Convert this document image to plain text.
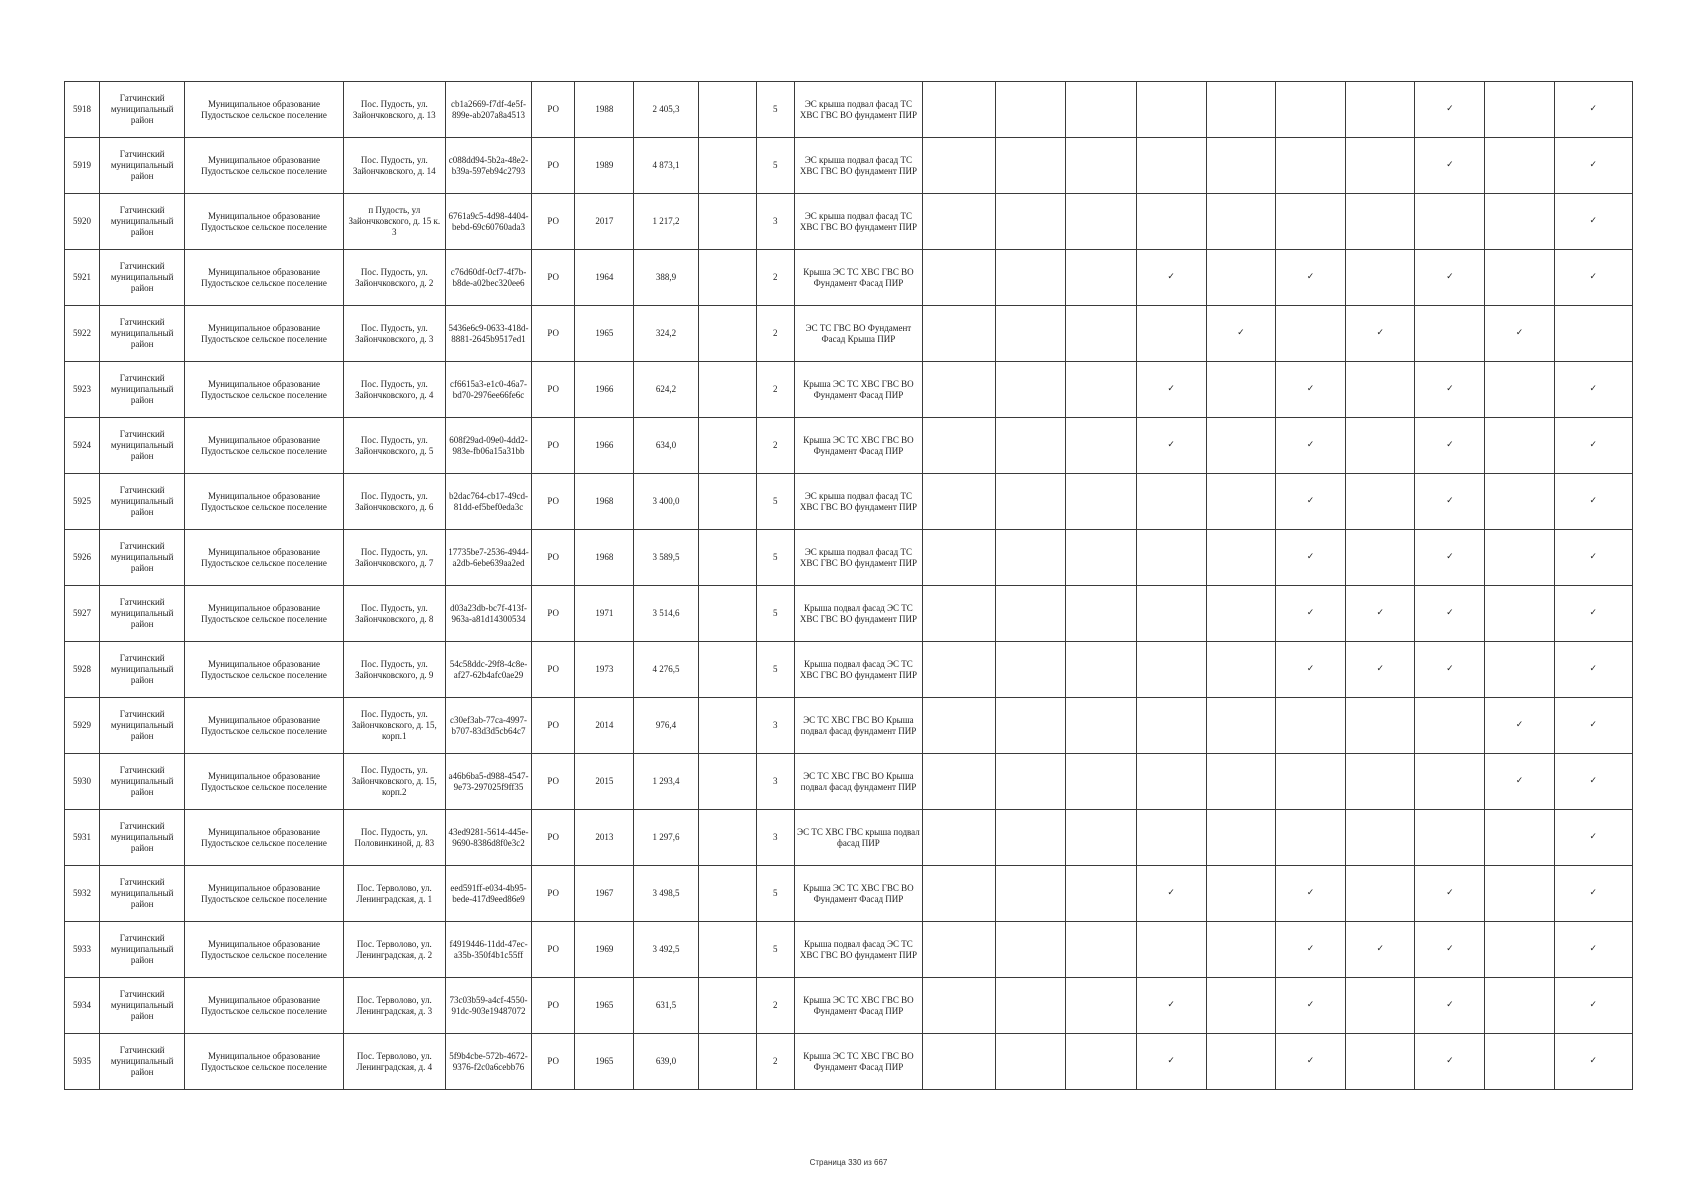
5918	Гатчинский муниципальный район	Муниципальное образование Пудостьское сельское поселение	Пос. Пудость, ул. Зайончковского, д. 13	cb1a2669-f7df-4e5f-899e-ab207a8a4513	РО	1988	2 405,3		5	ЭС крыша подвал фасад ТС ХВС ГВС ВО фундамент ПИР								✓		✓
5919	Гатчинский муниципальный район	Муниципальное образование Пудостьское сельское поселение	Пос. Пудость, ул. Зайончковского, д. 14	c088dd94-5b2a-48e2-b39a-597eb94c2793	РО	1989	4 873,1		5	ЭС крыша подвал фасад ТС ХВС ГВС ВО фундамент ПИР								✓		✓
5920	Гатчинский муниципальный район	Муниципальное образование Пудостьское сельское поселение	п Пудость, ул Зайончковского, д. 15 к. 3	6761a9c5-4d98-4404-bebd-69c60760ada3	РО	2017	1 217,2		3	ЭС крыша подвал фасад ТС ХВС ГВС ВО фундамент ПИР										✓
5921	Гатчинский муниципальный район	Муниципальное образование Пудостьское сельское поселение	Пос. Пудость, ул. Зайончковского, д. 2	c76d60df-0cf7-4f7b-b8de-a02bec320ee6	РО	1964	388,9		2	Крыша ЭС ТС ХВС ГВС ВО Фундамент Фасад ПИР				✓		✓		✓		✓
5922	Гатчинский муниципальный район	Муниципальное образование Пудостьское сельское поселение	Пос. Пудость, ул. Зайончковского, д. 3	5436e6c9-0633-418d-8881-2645b9517ed1	РО	1965	324,2		2	ЭС ТС ГВС ВО Фундамент Фасад Крыша ПИР					✓		✓		✓	
5923	Гатчинский муниципальный район	Муниципальное образование Пудостьское сельское поселение	Пос. Пудость, ул. Зайончковского, д. 4	cf6615a3-e1c0-46a7-bd70-2976ee66fe6c	РО	1966	624,2		2	Крыша ЭС ТС ХВС ГВС ВО Фундамент Фасад ПИР				✓		✓		✓		✓
5924	Гатчинский муниципальный район	Муниципальное образование Пудостьское сельское поселение	Пос. Пудость, ул. Зайончковского, д. 5	608f29ad-09e0-4dd2-983e-fb06a15a31bb	РО	1966	634,0		2	Крыша ЭС ТС ХВС ГВС ВО Фундамент Фасад ПИР				✓		✓		✓		✓
5925	Гатчинский муниципальный район	Муниципальное образование Пудостьское сельское поселение	Пос. Пудость, ул. Зайончковского, д. 6	b2dac764-cb17-49cd-81dd-ef5bef0eda3c	РО	1968	3 400,0		5	ЭС крыша подвал фасад ТС ХВС ГВС ВО фундамент ПИР						✓		✓		✓
5926	Гатчинский муниципальный район	Муниципальное образование Пудостьское сельское поселение	Пос. Пудость, ул. Зайончковского, д. 7	17735be7-2536-4944-a2db-6ebe639aa2ed	РО	1968	3 589,5		5	ЭС крыша подвал фасад ТС ХВС ГВС ВО фундамент ПИР						✓		✓		✓
5927	Гатчинский муниципальный район	Муниципальное образование Пудостьское сельское поселение	Пос. Пудость, ул. Зайончковского, д. 8	d03a23db-bc7f-413f-963a-a81d14300534	РО	1971	3 514,6		5	Крыша подвал фасад ЭС ТС ХВС ГВС ВО фундамент ПИР						✓	✓	✓		✓
5928	Гатчинский муниципальный район	Муниципальное образование Пудостьское сельское поселение	Пос. Пудость, ул. Зайончковского, д. 9	54c58ddc-29f8-4c8e-af27-62b4afc0ae29	РО	1973	4 276,5		5	Крыша подвал фасад ЭС ТС ХВС ГВС ВО фундамент ПИР						✓	✓	✓		✓
5929	Гатчинский муниципальный район	Муниципальное образование Пудостьское сельское поселение	Пос. Пудость, ул. Зайончковского, д. 15, корп.1	c30ef3ab-77ca-4997-b707-83d3d5cb64c7	РО	2014	976,4		3	ЭС ТС ХВС ГВС ВО Крыша подвал фасад фундамент ПИР									✓	✓
5930	Гатчинский муниципальный район	Муниципальное образование Пудостьское сельское поселение	Пос. Пудость, ул. Зайончковского, д. 15, корп.2	a46b6ba5-d988-4547-9e73-297025f9ff35	РО	2015	1 293,4		3	ЭС ТС ХВС ГВС ВО Крыша подвал фасад фундамент ПИР									✓	✓
5931	Гатчинский муниципальный район	Муниципальное образование Пудостьское сельское поселение	Пос. Пудость, ул. Половинкиной, д. 83	43ed9281-5614-445e-9690-8386d8f0e3c2	РО	2013	1 297,6		3	ЭС ТС ХВС ГВС крыша подвал фасад ПИР										✓
5932	Гатчинский муниципальный район	Муниципальное образование Пудостьское сельское поселение	Пос. Терволово, ул. Ленинградская, д. 1	eed591ff-e034-4b95-bede-417d9eed86e9	РО	1967	3 498,5		5	Крыша ЭС ТС ХВС ГВС ВО Фундамент Фасад ПИР				✓		✓		✓		✓
5933	Гатчинский муниципальный район	Муниципальное образование Пудостьское сельское поселение	Пос. Терволово, ул. Ленинградская, д. 2	f4919446-11dd-47ec-a35b-350f4b1c55ff	РО	1969	3 492,5		5	Крыша подвал фасад ЭС ТС ХВС ГВС ВО фундамент ПИР						✓	✓	✓		✓
5934	Гатчинский муниципальный район	Муниципальное образование Пудостьское сельское поселение	Пос. Терволово, ул. Ленинградская, д. 3	73c03b59-a4cf-4550-91dc-903e19487072	РО	1965	631,5		2	Крыша ЭС ТС ХВС ГВС ВО Фундамент Фасад ПИР				✓		✓		✓		✓
5935	Гатчинский муниципальный район	Муниципальное образование Пудостьское сельское поселение	Пос. Терволово, ул. Ленинградская, д. 4	5f9b4cbe-572b-4672-9376-f2c0a6cebb76	РО	1965	639,0		2	Крыша ЭС ТС ХВС ГВС ВО Фундамент Фасад ПИР				✓		✓		✓		✓
Страница 330 из 667
